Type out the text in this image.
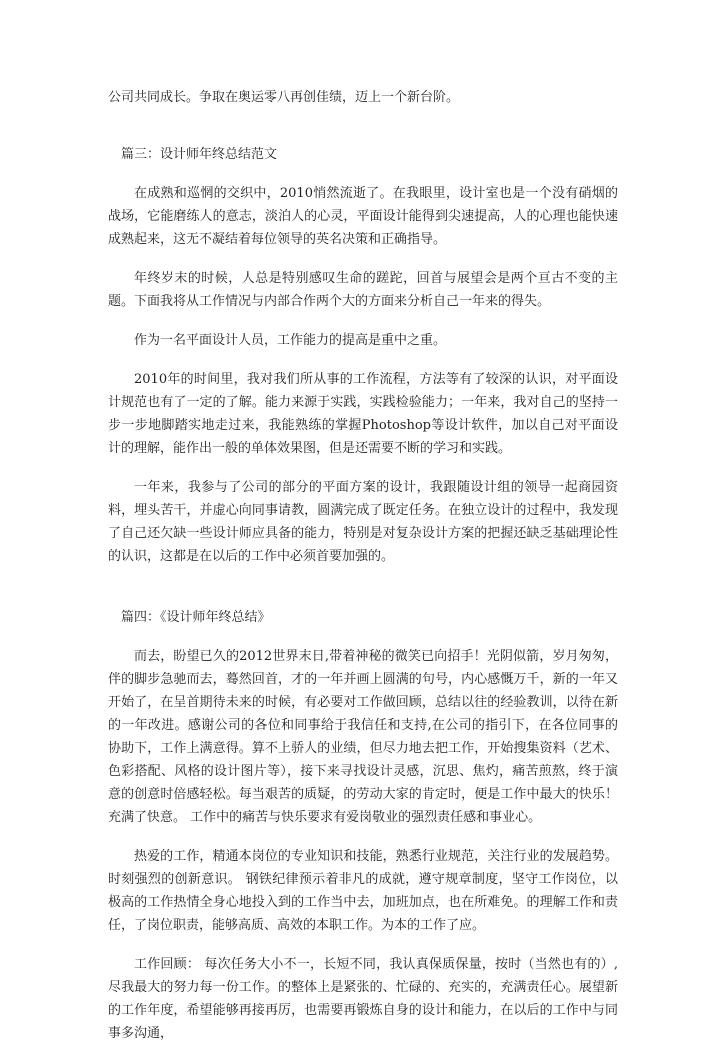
公司共同成长。争取在奥运零八再创佳绩，迈上一个新台阶。

篇三：设计师年终总结范文

在成熟和巡惘的交织中，2010悄然流逝了。在我眼里，设计室也是一个没有硝烟的战场，它能磨练人的意志，淡泊人的心灵，平面设计能得到尖速提高，人的心理也能快速成熟起来，这无不凝结着每位领导的英名决策和正确指导。

年终岁末的时候，人总是特别感叹生命的蹉跎，回首与展望会是两个亘古不变的主题。下面我将从工作情况与内部合作两个大的方面来分析自己一年来的得失。

作为一名平面设计人员，工作能力的提高是重中之重。

2010年的时间里，我对我们所从事的工作流程，方法等有了较深的认识，对平面设计规范也有了一定的了解。能力来源于实践，实践检验能力；一年来，我对自己的坚持一步一步地脚踏实地走过来，我能熟练的掌握Photoshop等设计软件，加以自己对平面设计的理解，能作出一般的单体效果图，但是还需要不断的学习和实践。

一年来，我参与了公司的部分的平面方案的设计，我跟随设计组的领导一起商园资料，埋头苦干，并虚心向同事请教，圆满完成了既定任务。在独立设计的过程中，我发现了自己还欠缺一些设计师应具备的能力，特别是对复杂设计方案的把握还缺乏基础理论性的认识，这都是在以后的工作中必须首要加强的。

篇四：《设计师年终总结》

而去，盼望已久的2012世界末日,带着神秘的微笑已向招手！光阴似箭，岁月匆匆，伴的脚步急驰而去，蓦然回首，才的一年并画上圆满的句号，内心感慨万千，新的一年又开始了，在呈首期待未来的时候，有必要对工作做回顾，总结以往的经验教训，以待在新的一年改进。感谢公司的各位和同事给于我信任和支持,在公司的指引下，在各位同事的协助下，工作上满意得。算不上骄人的业绩，但尽力地去把工作，开始搜集资料（艺术、色彩搭配、风格的设计图片等），接下来寻找设计灵感，沉思、焦灼，痛苦煎熬，终于演意的创意时倍感轻松。每当艰苦的质疑，的劳动大家的肯定时，便是工作中最大的快乐！充满了快意。 工作中的痛苦与快乐要求有爱岗敬业的强烈责任感和事业心。

热爱的工作，精通本岗位的专业知识和技能，熟悉行业规范，关注行业的发展趋势。时刻强烈的创新意识。 钢铁纪律预示着非凡的成就，遵守规章制度，坚守工作岗位，以极高的工作热情全身心地投入到的工作当中去，加班加点，也在所难免。的理解工作和责任，了岗位职责，能够高质、高效的本职工作。为本的工作了应。

工作回顾： 每次任务大小不一，长短不同，我认真保质保量，按时（当然也有的）,尽我最大的努力每一份工作。的整体上是紧张的、忙碌的、充实的，充满责任心。展望新的工作年度，希望能够再接再厉，也需要再锻炼自身的设计和能力，在以后的工作中与同事多沟通，
